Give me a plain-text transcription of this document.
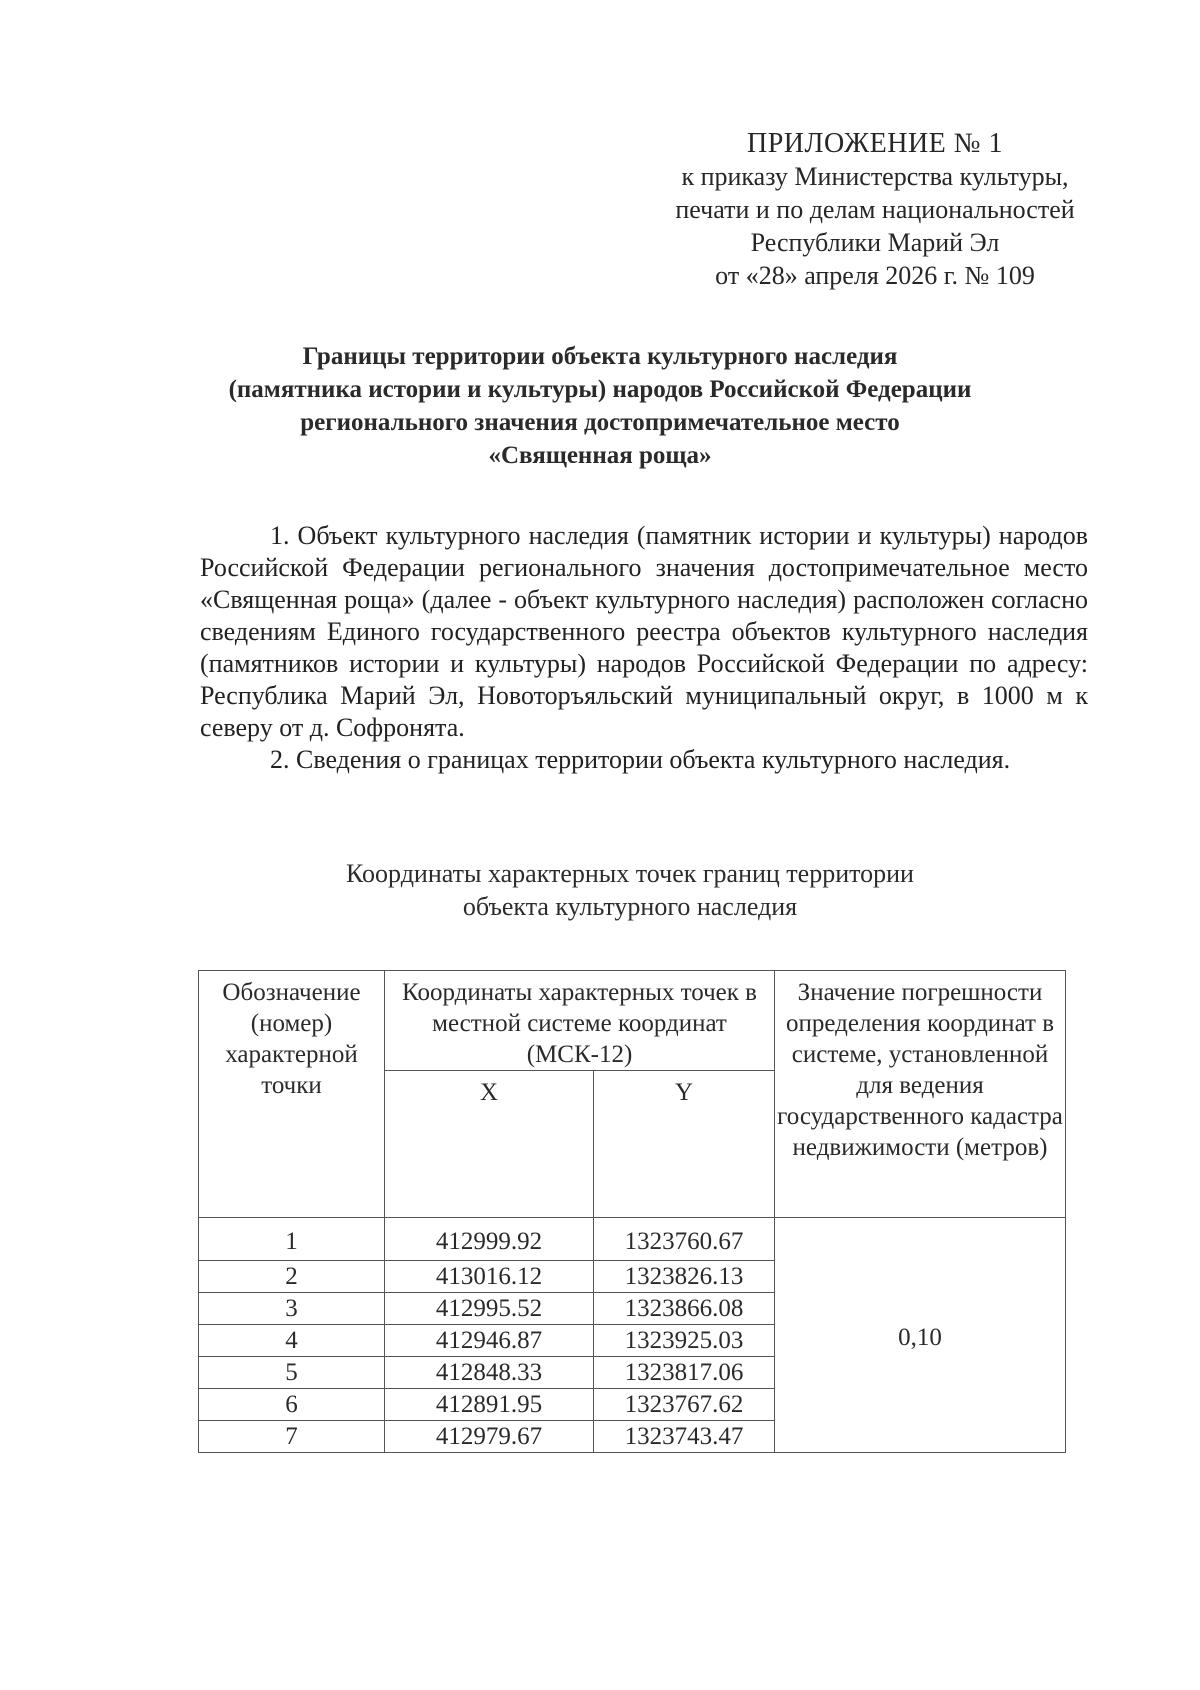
ПРИЛОЖЕНИЕ № 1
к приказу Министерства культуры,
печати и по делам национальностей
Республики Марий Эл
от «28» апреля 2026 г. № 109
Границы территории объекта культурного наследия
(памятника истории и культуры) народов Российской Федерации
регионального значения достопримечательное место
«Священная роща»

1. Объект культурного наследия (памятник истории и культуры) народов Российской Федерации регионального значения достопримечательное место «Священная роща» (далее - объект культурного наследия) расположен согласно сведениям Единого государственного реестра объектов культурного наследия (памятников истории и культуры) народов Российской Федерации по адресу: Республика Марий Эл, Новоторъяльский муниципальный округ, в 1000 м к северу от д. Софронята.

2. Сведения о границах территории объекта культурного наследия.

Координаты характерных точек границ территории
объекта культурного наследия
Обозначение (номер) характерной точки	Координаты характерных точек в местной системе координат (МСК-12)		Значение погрешности определения координат в системе, установленной для ведения государственного кадастра недвижимости (метров)
	X	Y	
1	412999.92	1323760.67	0,10
2	413016.12	1323826.13	
3	412995.52	1323866.08	
4	412946.87	1323925.03	
5	412848.33	1323817.06	
6	412891.95	1323767.62	
7	412979.67	1323743.47	
